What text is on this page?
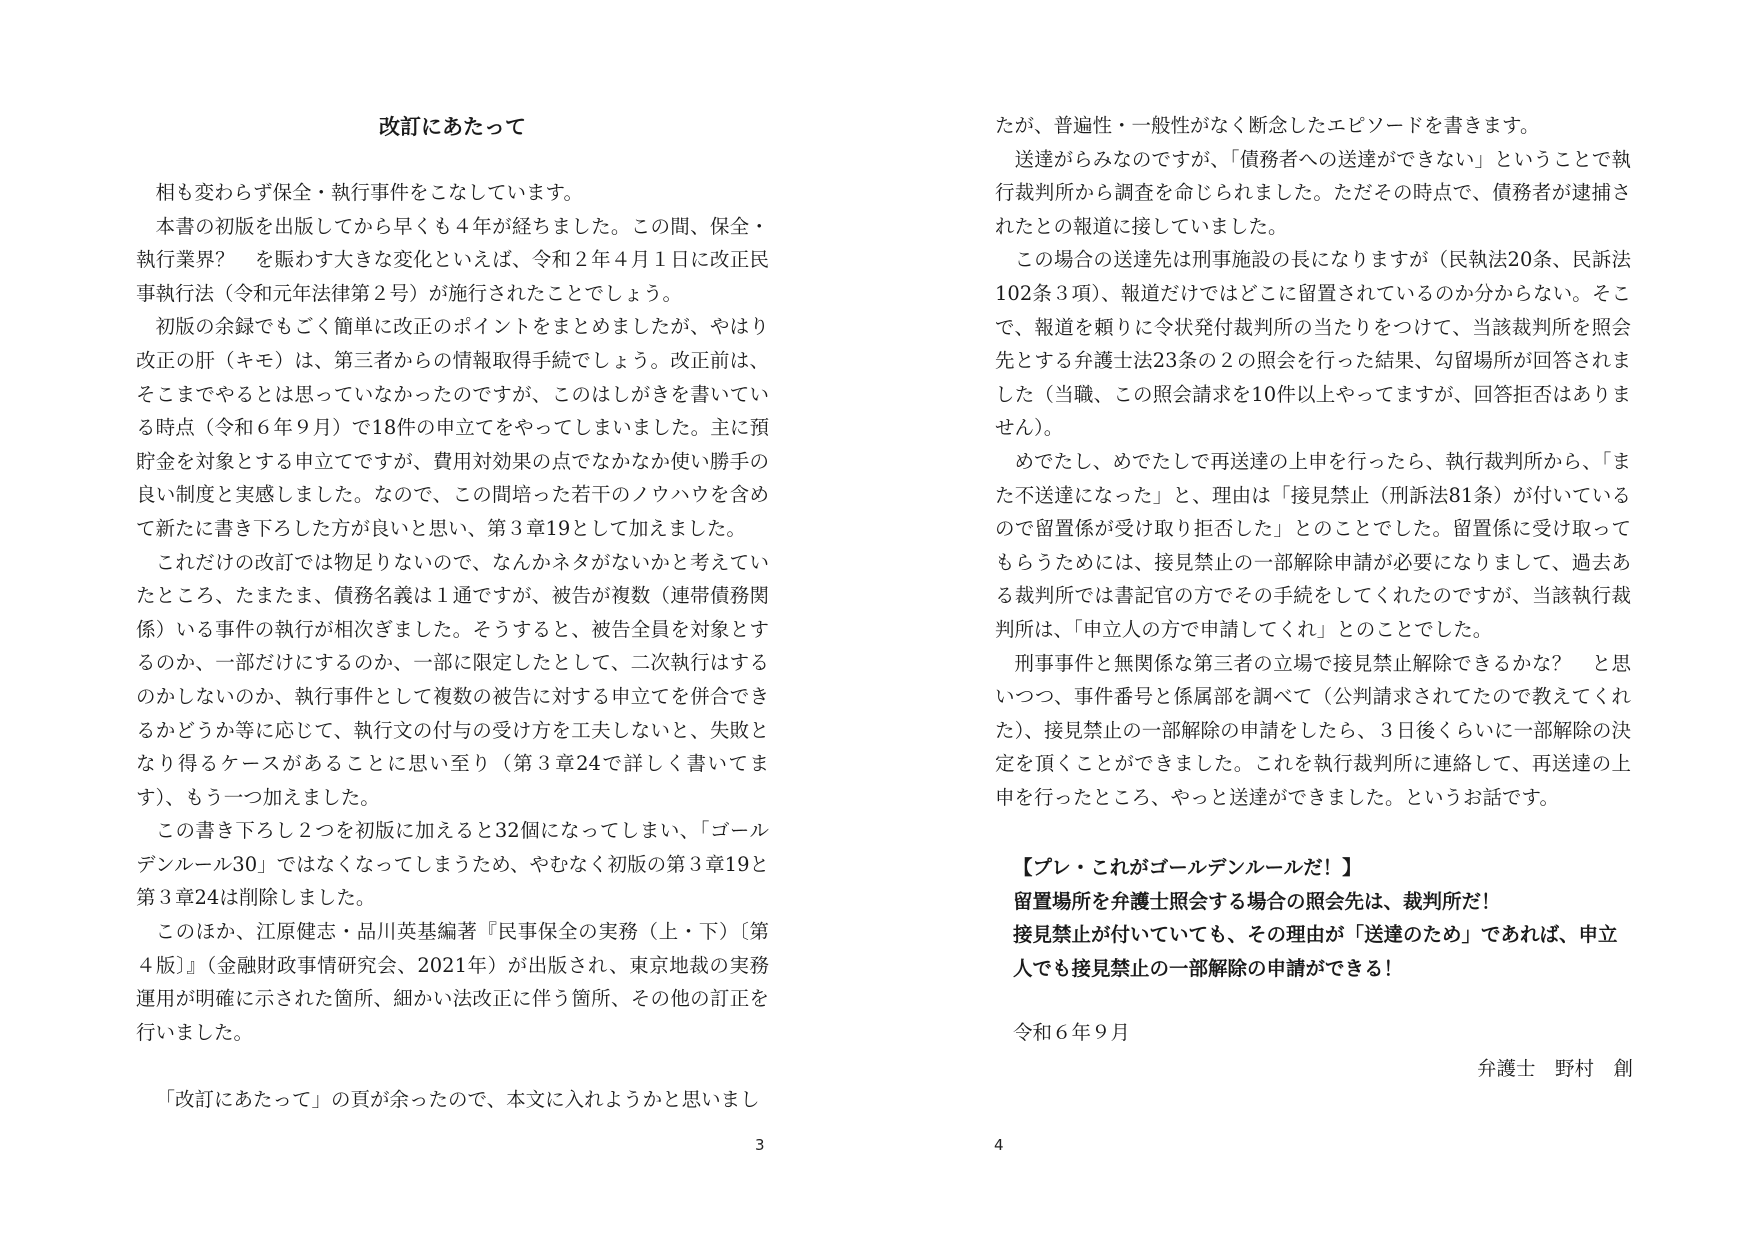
改訂にあたって

相も変わらず保全・執行事件をこなしています。

本書の初版を出版してから早くも４年が経ちました。この間、保全・執行業界？　を賑わす大きな変化といえば、令和２年４月１日に改正民事執行法（令和元年法律第２号）が施行されたことでしょう。

初版の余録でもごく簡単に改正のポイントをまとめましたが、やはり改正の肝（キモ）は、第三者からの情報取得手続でしょう。改正前は、そこまでやるとは思っていなかったのですが、このはしがきを書いている時点（令和６年９月）で18件の申立てをやってしまいました。主に預貯金を対象とする申立てですが、費用対効果の点でなかなか使い勝手の良い制度と実感しました。なので、この間培った若干のノウハウを含めて新たに書き下ろした方が良いと思い、第３章19として加えました。

これだけの改訂では物足りないので、なんかネタがないかと考えていたところ、たまたま、債務名義は１通ですが、被告が複数（連帯債務関係）いる事件の執行が相次ぎました。そうすると、被告全員を対象とするのか、一部だけにするのか、一部に限定したとして、二次執行はするのかしないのか、執行事件として複数の被告に対する申立てを併合できるかどうか等に応じて、執行文の付与の受け方を工夫しないと、失敗となり得るケースがあることに思い至り（第３章24で詳しく書いてます）、もう一つ加えました。

この書き下ろし２つを初版に加えると32個になってしまい、「ゴールデンルール30」ではなくなってしまうため、やむなく初版の第３章19と第３章24は削除しました。

このほか、江原健志・品川英基編著『民事保全の実務（上・下）〔第４版〕』（金融財政事情研究会、2021年）が出版され、東京地裁の実務運用が明確に示された箇所、細かい法改正に伴う箇所、その他の訂正を行いました。

「改訂にあたって」の頁が余ったので、本文に入れようかと思いまし

3

たが、普遍性・一般性がなく断念したエピソードを書きます。

送達がらみなのですが、「債務者への送達ができない」ということで執行裁判所から調査を命じられました。ただその時点で、債務者が逮捕されたとの報道に接していました。

この場合の送達先は刑事施設の長になりますが（民執法20条、民訴法102条３項）、報道だけではどこに留置されているのか分からない。そこで、報道を頼りに令状発付裁判所の当たりをつけて、当該裁判所を照会先とする弁護士法23条の２の照会を行った結果、勾留場所が回答されました（当職、この照会請求を10件以上やってますが、回答拒否はありません）。

めでたし、めでたしで再送達の上申を行ったら、執行裁判所から、「また不送達になった」と、理由は「接見禁止（刑訴法81条）が付いているので留置係が受け取り拒否した」とのことでした。留置係に受け取ってもらうためには、接見禁止の一部解除申請が必要になりまして、過去ある裁判所では書記官の方でその手続をしてくれたのですが、当該執行裁判所は、「申立人の方で申請してくれ」とのことでした。

刑事事件と無関係な第三者の立場で接見禁止解除できるかな？　と思いつつ、事件番号と係属部を調べて（公判請求されてたので教えてくれた）、接見禁止の一部解除の申請をしたら、３日後くらいに一部解除の決定を頂くことができました。これを執行裁判所に連絡して、再送達の上申を行ったところ、やっと送達ができました。というお話です。

【プレ・これがゴールデンルールだ！】

留置場所を弁護士照会する場合の照会先は、裁判所だ！

接見禁止が付いていても、その理由が「送達のため」であれば、申立人でも接見禁止の一部解除の申請ができる！

令和６年９月
弁護士　野村　創
4
